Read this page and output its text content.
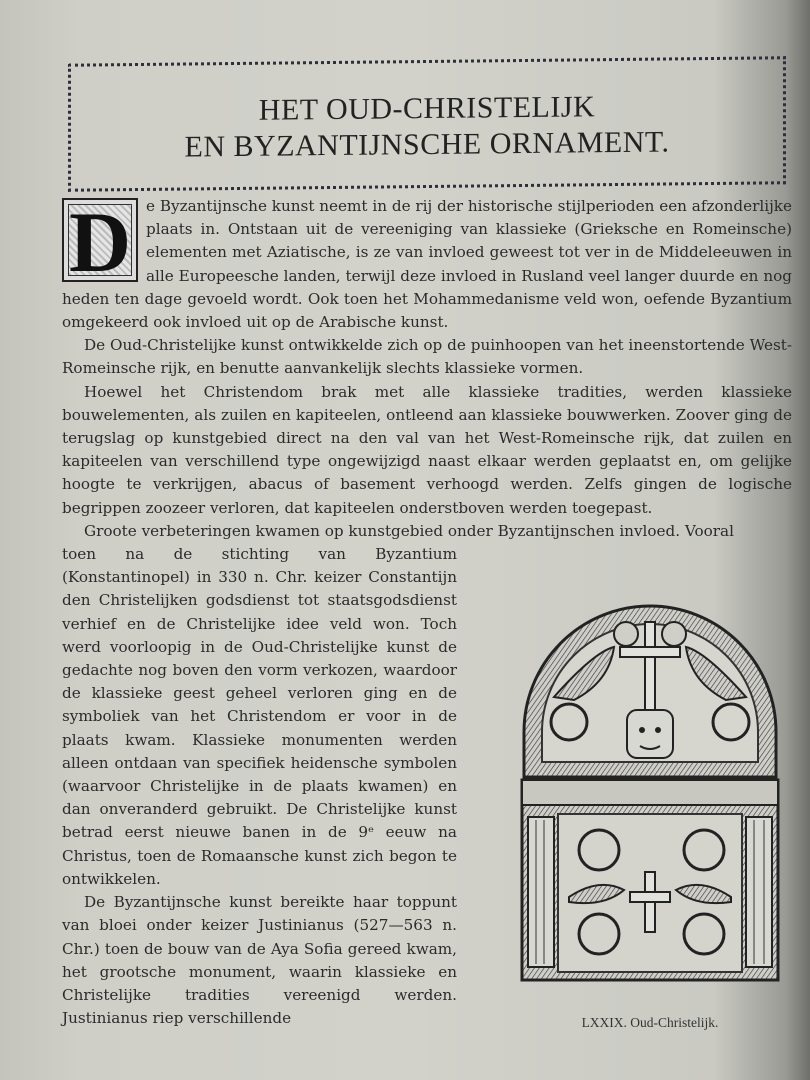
HET OUD-CHRISTELIJK
EN BYZANTIJNSCHE ORNAMENT.

D e Byzantijnsche kunst neemt in de rij der historische stijlperioden een afzonderlijke plaats in. Ontstaan uit de vereeniging van klassieke (Grieksche en Romeinsche) elementen met Aziatische, is ze van invloed geweest tot ver in de Middeleeuwen in alle Europeesche landen, terwijl deze invloed in Rusland veel langer duurde en nog heden ten dage gevoeld wordt. Ook toen het Mohammedanisme veld won, oefende Byzantium omgekeerd ook invloed uit op de Arabische kunst.

De Oud-Christelijke kunst ontwikkelde zich op de puinhoopen van het ineenstortende West-Romeinsche rijk, en benutte aanvankelijk slechts klassieke vormen.

Hoewel het Christendom brak met alle klassieke tradities, werden klassieke bouwelementen, als zuilen en kapiteelen, ontleend aan klassieke bouwwerken. Zoover ging de terugslag op kunstgebied direct na den val van het West-Romeinsche rijk, dat zuilen en kapiteelen van verschillend type ongewijzigd naast elkaar werden geplaatst en, om gelijke hoogte te verkrijgen, abacus of basement verhoogd werden. Zelfs gingen de logische begrippen zoozeer verloren, dat kapiteelen onderstboven werden toegepast.

Groote verbeteringen kwamen op kunstgebied onder Byzantijnschen invloed. Vooral

toen na de stichting van Byzantium (Konstantinopel) in 330 n. Chr. keizer Constantijn den Christelijken godsdienst tot staatsgodsdienst verhief en de Christelijke idee veld won. Toch werd voorloopig in de Oud-Christelijke kunst de gedachte nog boven den vorm verkozen, waardoor de klassieke geest geheel verloren ging en de symboliek van het Christendom er voor in de plaats kwam. Klassieke monumenten werden alleen ontdaan van specifiek heidensche symbolen (waarvoor Christelijke in de plaats kwamen) en dan onveranderd gebruikt. De Christelijke kunst betrad eerst nieuwe banen in de 9ᵉ eeuw na Christus, toen de Romaansche kunst zich begon te ontwikkelen.

De Byzantijnsche kunst bereikte haar toppunt van bloei onder keizer Justinianus (527—563 n. Chr.) toen de bouw van de Aya Sofia gereed kwam, het grootsche monument, waarin klassieke en Christelijke tradities vereenigd werden. Justinianus riep verschillende	LXXIX. Oud-Christelijk.
